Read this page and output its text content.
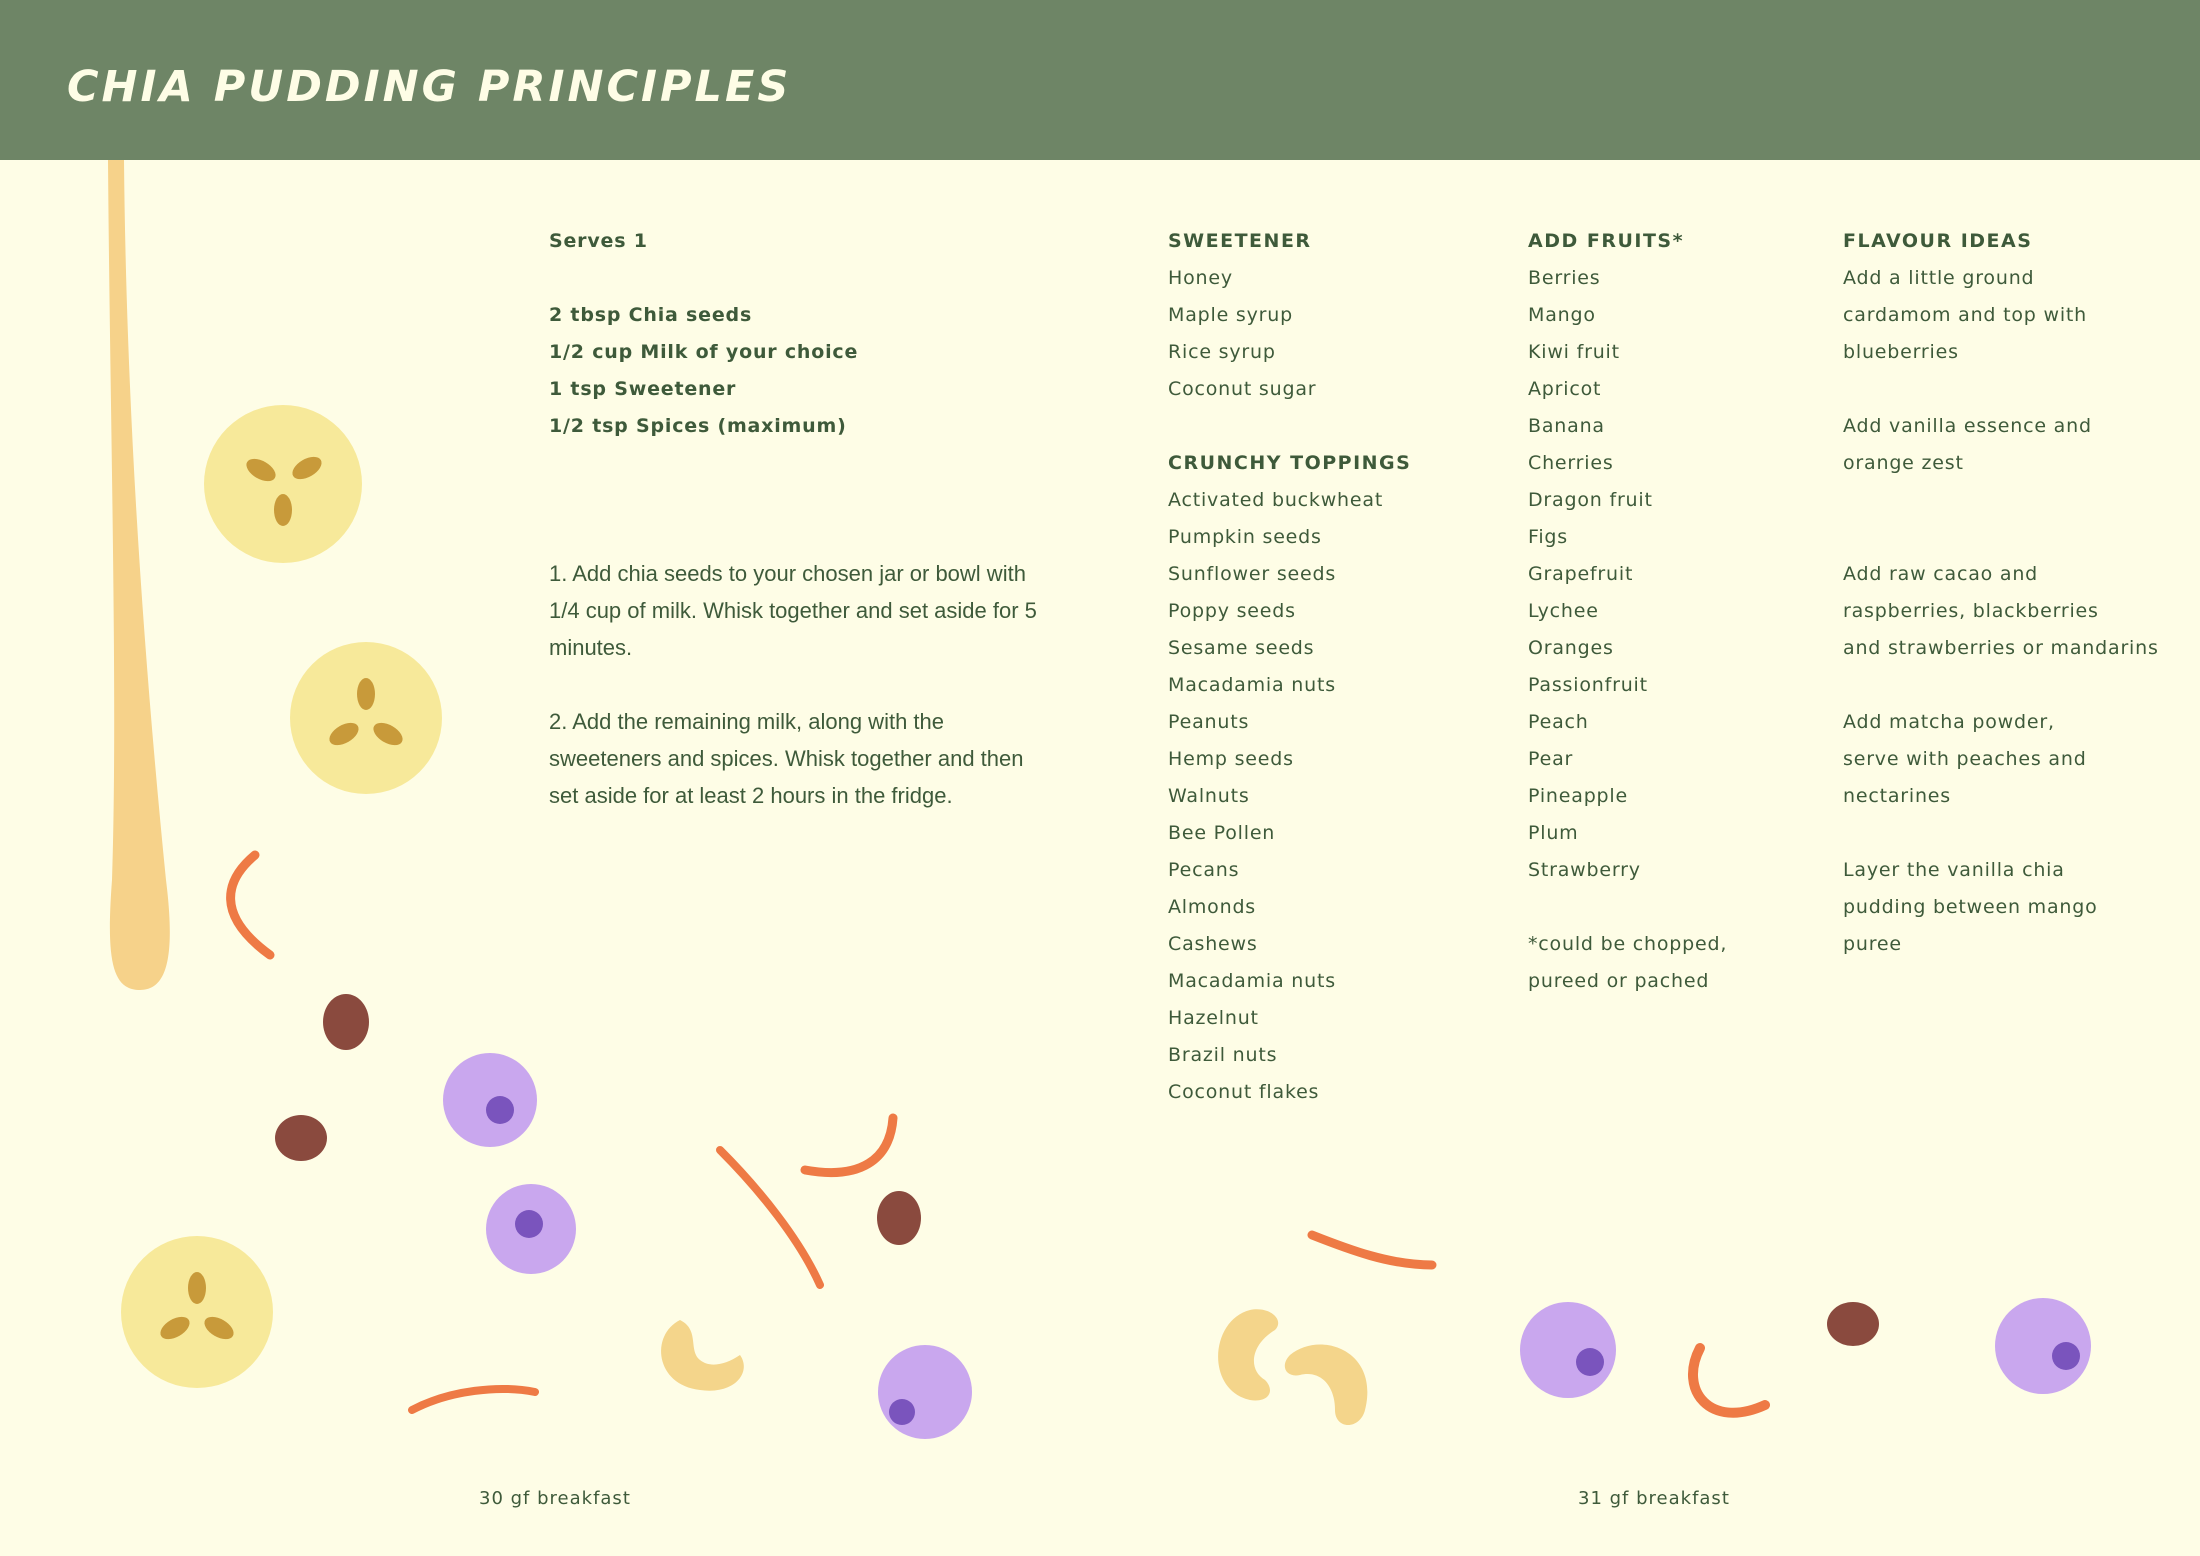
CHIA PUDDING PRINCIPLES
Serves 1
2 tbsp Chia seeds
1/2 cup Milk of your choice
1 tsp Sweetener
1/2 tsp Spices (maximum)

1. Add chia seeds to your chosen jar or bowl with 1/4 cup of milk. Whisk together and set aside for 5 minutes.

2. Add the remaining milk, along with the sweeteners and spices. Whisk together and then set aside for at least 2 hours in the fridge.

SWEETENER
Honey
Maple syrup
Rice syrup
Coconut sugar
CRUNCHY TOPPINGS
Activated buckwheat
Pumpkin seeds
Sunflower seeds
Poppy seeds
Sesame seeds
Macadamia nuts
Peanuts
Hemp seeds
Walnuts
Bee Pollen
Pecans
Almonds
Cashews
Macadamia nuts
Hazelnut
Brazil nuts
Coconut flakes
ADD FRUITS*
Berries
Mango
Kiwi fruit
Apricot
Banana
Cherries
Dragon fruit
Figs
Grapefruit
Lychee
Oranges
Passionfruit
Peach
Pear
Pineapple
Plum
Strawberry
*could be chopped,
pureed or pached
FLAVOUR IDEAS
Add a little ground
cardamom and top with
blueberries
Add vanilla essence and
orange zest
Add raw cacao and
raspberries, blackberries
and strawberries or mandarins
Add matcha powder,
serve with peaches and
nectarines
Layer the vanilla chia
pudding between mango
puree
30 gf breakfast	31 gf breakfast
